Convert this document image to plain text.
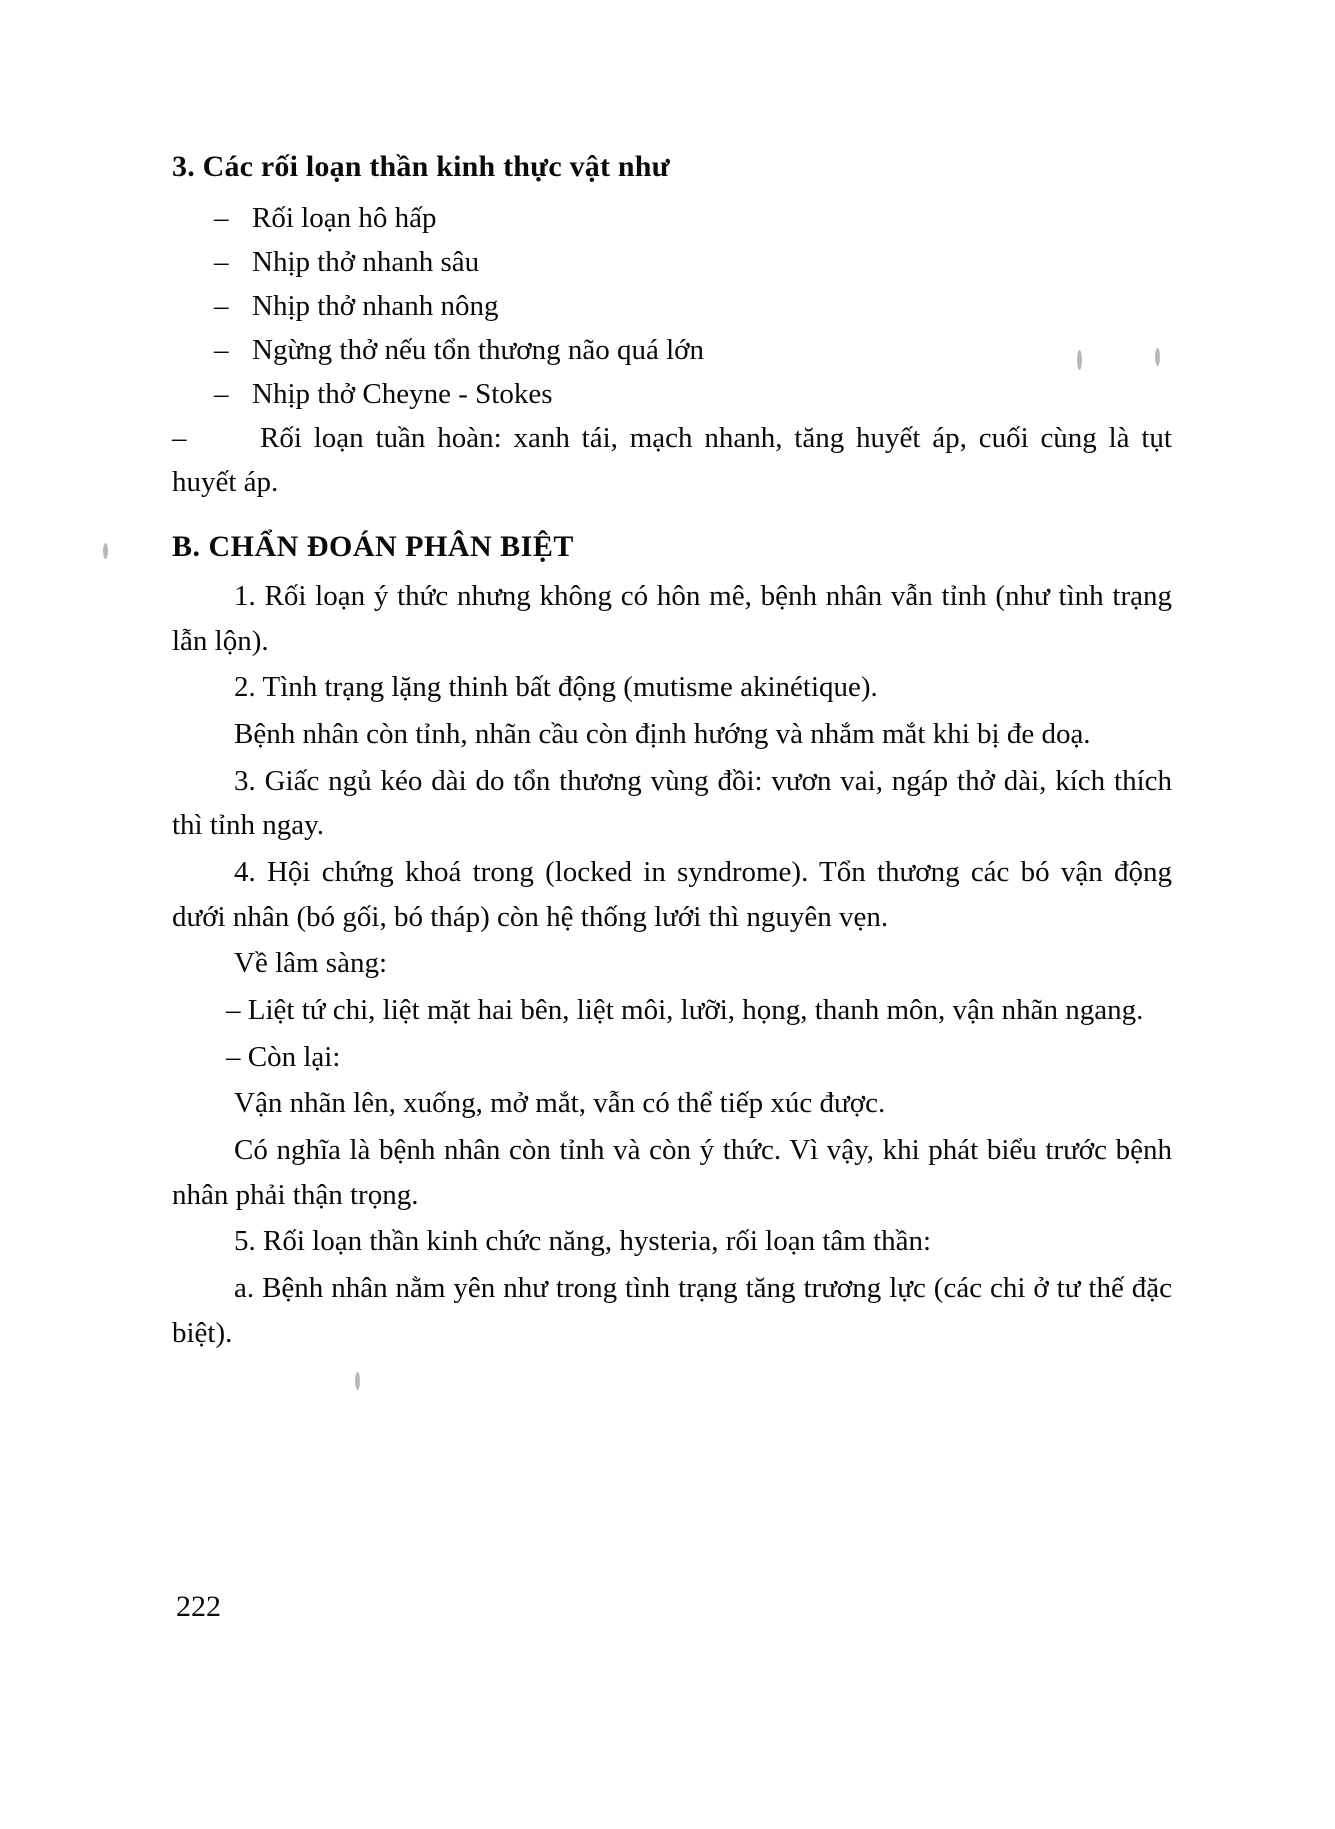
3. Các rối loạn thần kinh thực vật như
– Rối loạn hô hấp
– Nhịp thở nhanh sâu
– Nhịp thở nhanh nông
– Ngừng thở nếu tổn thương não quá lớn
– Nhịp thở Cheyne - Stokes

–	Rối loạn tuần hoàn: xanh tái, mạch nhanh, tăng huyết áp, cuối cùng là tụt huyết áp.

B. CHẨN ĐOÁN PHÂN BIỆT

1. Rối loạn ý thức nhưng không có hôn mê, bệnh nhân vẫn tỉnh (như tình trạng lẫn lộn).

2. Tình trạng lặng thinh bất động (mutisme akinétique).

Bệnh nhân còn tỉnh, nhãn cầu còn định hướng và nhắm mắt khi bị đe doạ.

3. Giấc ngủ kéo dài do tổn thương vùng đồi: vươn vai, ngáp thở dài, kích thích thì tỉnh ngay.

4. Hội chứng khoá trong (locked in syndrome). Tổn thương các bó vận động dưới nhân (bó gối, bó tháp) còn hệ thống lưới thì nguyên vẹn.

Về lâm sàng:

– Liệt tứ chi, liệt mặt hai bên, liệt môi, lưỡi, họng, thanh môn, vận nhãn ngang.

– Còn lại:

Vận nhãn lên, xuống, mở mắt, vẫn có thể tiếp xúc được.

Có nghĩa là bệnh nhân còn tỉnh và còn ý thức. Vì vậy, khi phát biểu trước bệnh nhân phải thận trọng.

5. Rối loạn thần kinh chức năng, hysteria, rối loạn tâm thần:

a. Bệnh nhân nằm yên như trong tình trạng tăng trương lực (các chi ở tư thế đặc biệt).

222
